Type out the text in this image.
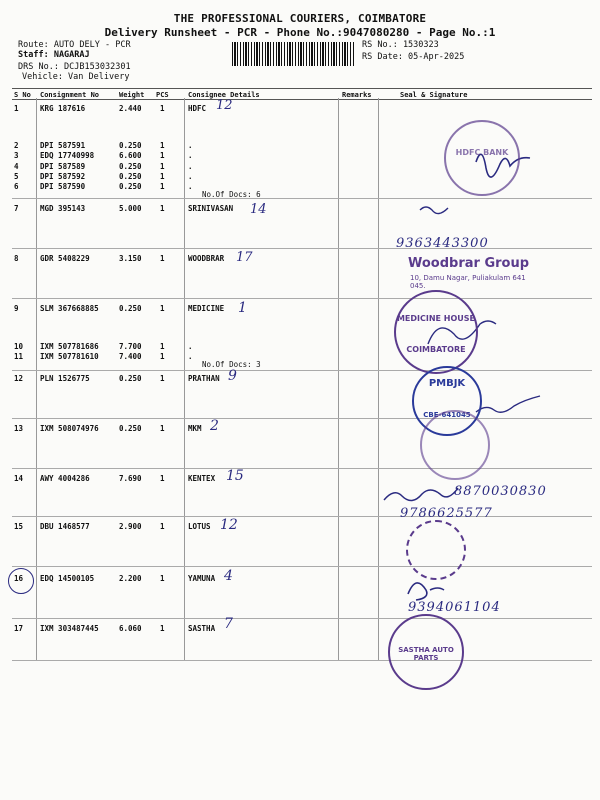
THE PROFESSIONAL COURIERS, COIMBATORE
Delivery Runsheet - PCR - Phone No.:9047080280 - Page No.:1
Route: AUTO DELY - PCR
Staff: NAGARAJ
DRS No.: DCJB153032301
Vehicle: Van Delivery
RS No.: 1530323
RS Date: 05-Apr-2025
S No Consignment No	Weight PCS	Consignee Details	Remarks	Seal & Signature
1	KRG 187616	2.440 1	HDFC
2	DPI 587591	0.250 1	.
3	EDQ 17740998	6.600 1	.
4	DPI 587589	0.250 1	.
5	DPI 587592	0.250 1	.
6	DPI 587590	0.250 1	.
7	MGD 395143	5.000 1	SRINIVASAN
8	GDR 5408229	3.150 1	WOODBRAR
9	SLM 367668885	0.250 1	MEDICINE
10 IXM 507781686	7.700 1	.
11 IXM 507781610	7.400 1	.
12 PLN 1526775	0.250 1	PRATHAN
13 IXM 508074976	0.250 1	MKM
14 AWY 4004286	7.690 1	KENTEX
15 DBU 1468577	2.900 1	LOTUS
16 EDQ 14500105	2.200 1	YAMUNA
17 IXM 303487445	6.060 1	SASTHA
No.Of Docs: 6
No.Of Docs: 3
12
14
17
1
9
2
15
12
4
7
9363443300
8870030830
9786625577
9394061104
HDFC BANK
Woodbrar Group
10, Damu Nagar, Puliakulam 641 045.
MEDICINE HOUSE
COIMBATORE
PMBJK
CBE-641045
SASTHA AUTO PARTS
